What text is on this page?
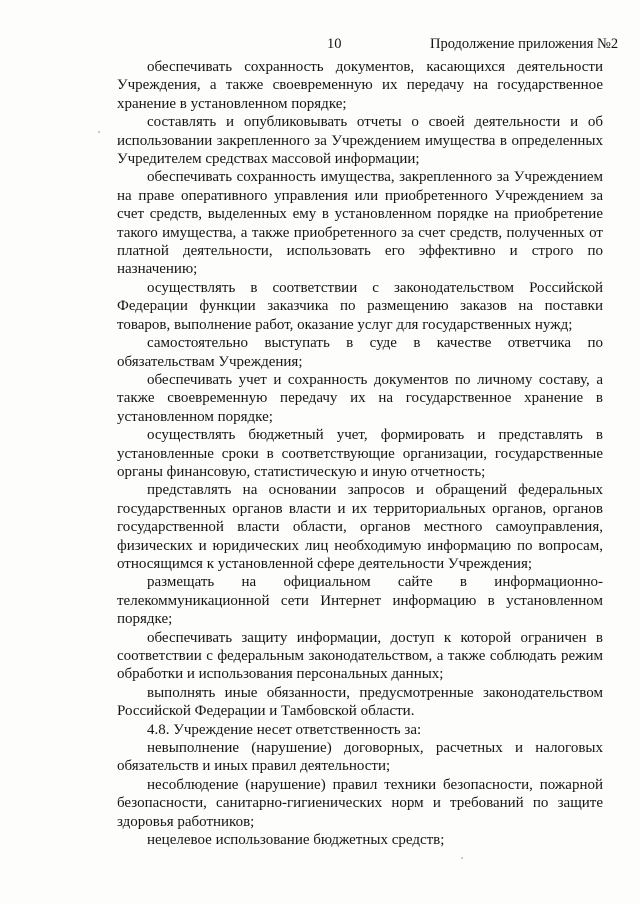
10	Продолжение приложения №2

обеспечивать сохранность документов, касающихся деятельности Учреждения, а также своевременную их передачу на государственное хранение в установленном порядке;

составлять и опубликовывать отчеты о своей деятельности и об использовании закрепленного за Учреждением имущества в определенных Учредителем средствах массовой информации;

обеспечивать сохранность имущества, закрепленного за Учреждением на праве оперативного управления или приобретенного Учреждением за счет средств, выделенных ему в установленном порядке на приобретение такого имущества, а также приобретенного за счет средств, полученных от платной деятельности, использовать его эффективно и строго по назначению;

осуществлять в соответствии с законодательством Российской Федерации функции заказчика по размещению заказов на поставки товаров, выполнение работ, оказание услуг для государственных нужд;

самостоятельно выступать в суде в качестве ответчика по обязательствам Учреждения;

обеспечивать учет и сохранность документов по личному составу, а также своевременную передачу их на государственное хранение в установленном порядке;

осуществлять бюджетный учет, формировать и представлять в установленные сроки в соответствующие организации, государственные органы финансовую, статистическую и иную отчетность;

представлять на основании запросов и обращений федеральных государственных органов власти и их территориальных органов, органов государственной власти области, органов местного самоуправления, физических и юридических лиц необходимую информацию по вопросам, относящимся к установленной сфере деятельности Учреждения;

размещать на официальном сайте в информационно-телекоммуникационной сети Интернет информацию в установленном порядке;

обеспечивать защиту информации, доступ к которой ограничен в соответствии с федеральным законодательством, а также соблюдать режим обработки и использования персональных данных;

выполнять иные обязанности, предусмотренные законодательством Российской Федерации и Тамбовской области.

4.8. Учреждение несет ответственность за:

невыполнение (нарушение) договорных, расчетных и налоговых обязательств и иных правил деятельности;

несоблюдение (нарушение) правил техники безопасности, пожарной безопасности, санитарно-гигиенических норм и требований по защите здоровья работников;

нецелевое использование бюджетных средств;
